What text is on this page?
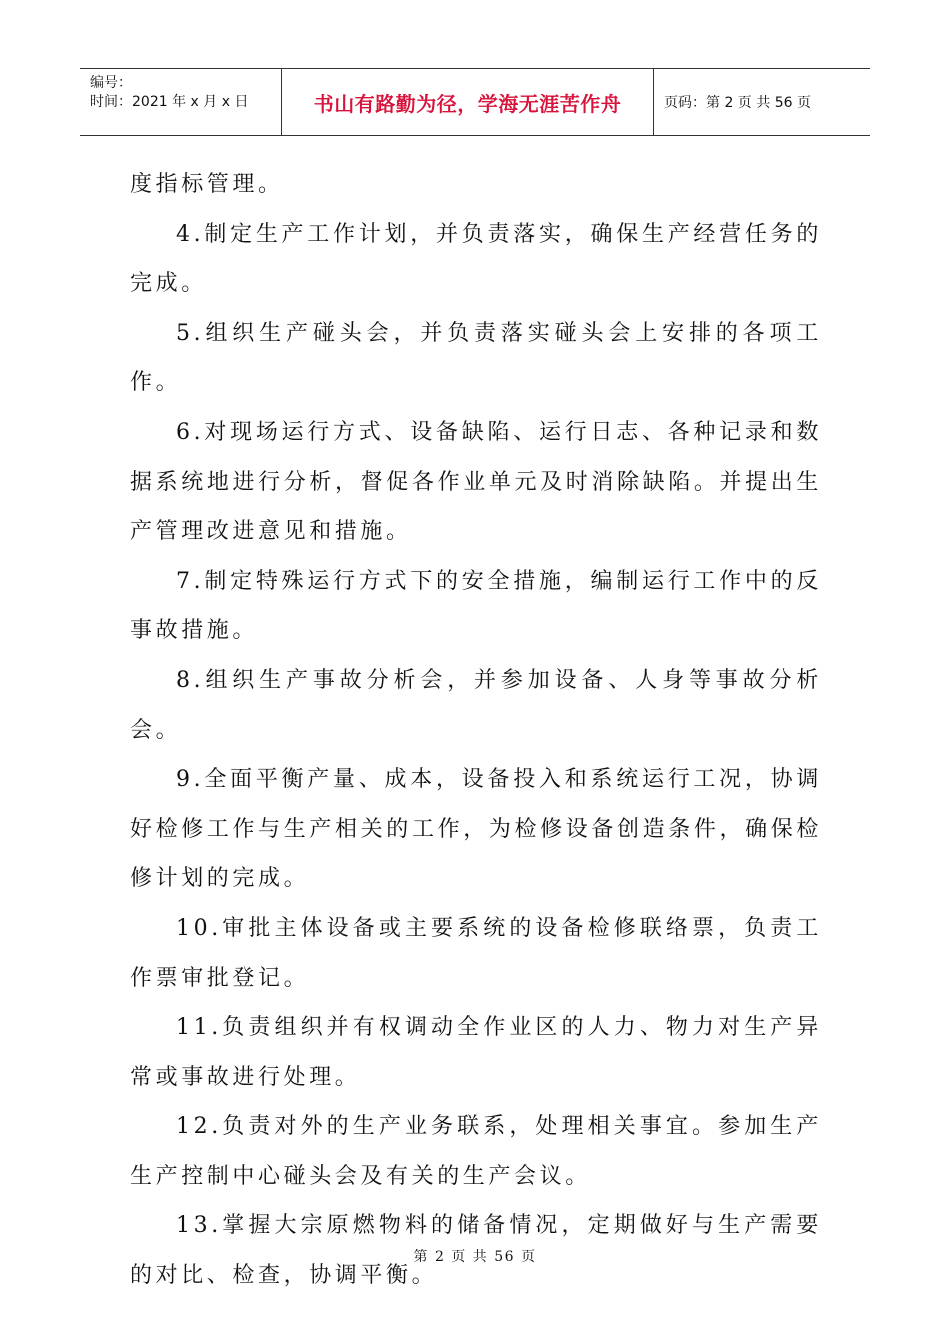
编号：
时间：2021 年 x 月 x 日	书山有路勤为径，学海无涯苦作舟	页码：第 2 页 共 56 页

度指标管理。

4.制定生产工作计划，并负责落实，确保生产经营任务的完成。

5.组织生产碰头会，并负责落实碰头会上安排的各项工作。

6.对现场运行方式、设备缺陷、运行日志、各种记录和数据系统地进行分析，督促各作业单元及时消除缺陷。并提出生产管理改进意见和措施。

7.制定特殊运行方式下的安全措施，编制运行工作中的反事故措施。

8.组织生产事故分析会，并参加设备、人身等事故分析会。

9.全面平衡产量、成本，设备投入和系统运行工况，协调好检修工作与生产相关的工作，为检修设备创造条件，确保检修计划的完成。

10.审批主体设备或主要系统的设备检修联络票，负责工作票审批登记。

11.负责组织并有权调动全作业区的人力、物力对生产异常或事故进行处理。

12.负责对外的生产业务联系，处理相关事宜。参加生产生产控制中心碰头会及有关的生产会议。

13.掌握大宗原燃物料的储备情况，定期做好与生产需要的对比、检查，协调平衡。

第 2 页 共 56 页
